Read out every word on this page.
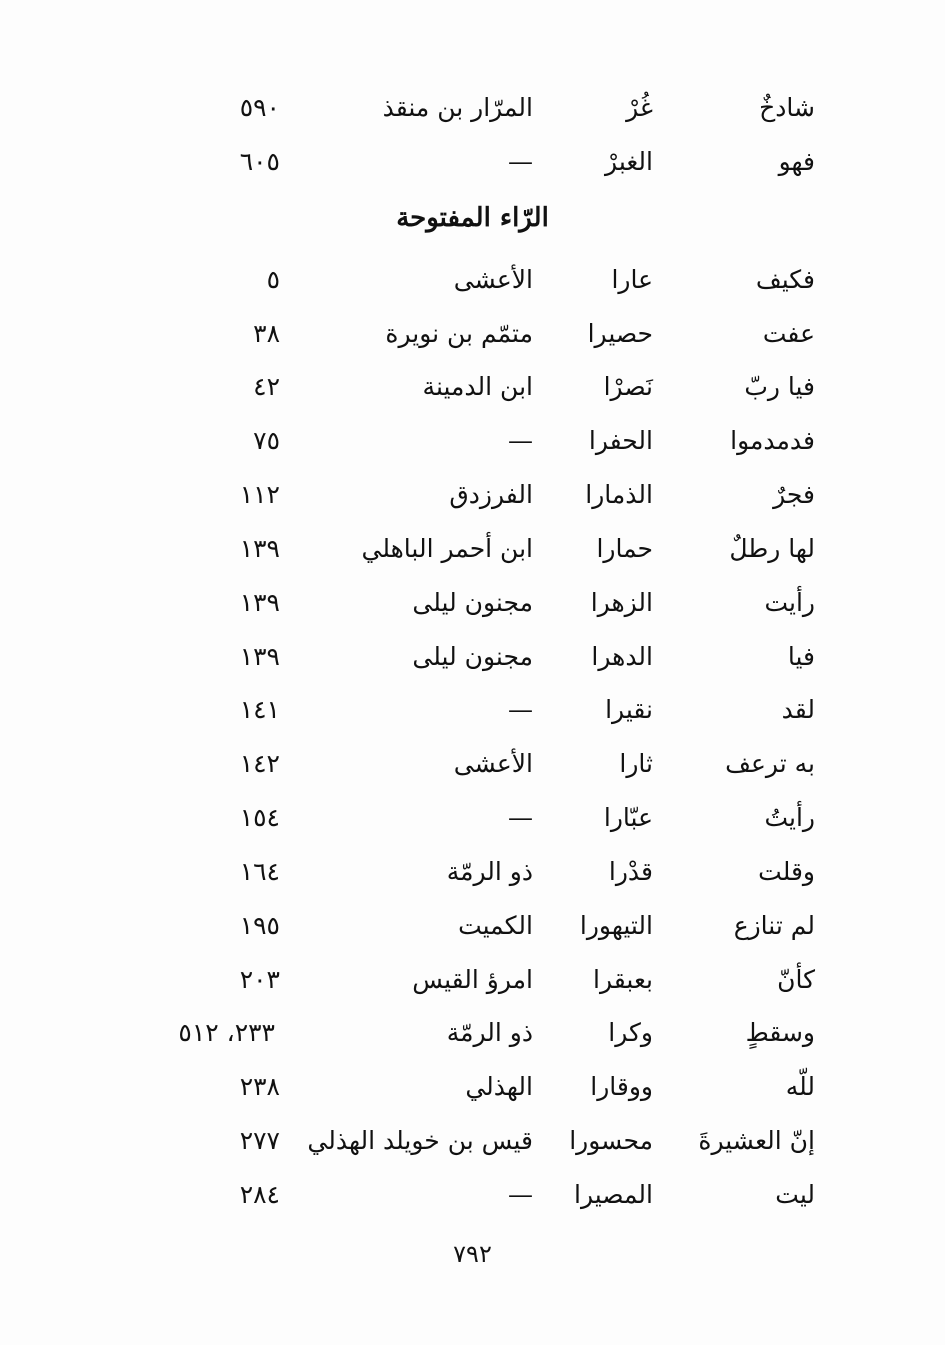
شادخٌ
غُرْ
المرّار بن منقذ
٥٩٠
فهو
الغبرْ
—
٦٠٥
الرّاء المفتوحة
فكيف
عارا
الأعشى
٥
عفت
حصيرا
متمّم بن نويرة
٣٨
فيا ربّ
نَصرْا
ابن الدمينة
٤٢
فدمدموا
الحفرا
—
٧٥
فجرٌ
الذمارا
الفرزدق
١١٢
لها رطلٌ
حمارا
ابن أحمر الباهلي
١٣٩
رأيت
الزهرا
مجنون ليلى
١٣٩
فيا
الدهرا
مجنون ليلى
١٣٩
لقد
نقيرا
—
١٤١
به ترعف
ثارا
الأعشى
١٤٢
رأيتُ
عبّارا
—
١٥٤
وقلت
قدْرا
ذو الرمّة
١٦٤
لم تنازع
التيهورا
الكميت
١٩٥
كأنّ
بعبقرا
امرؤ القيس
٢٠٣
وسقطٍ
وكرا
ذو الرمّة
٢٣٣، ٥١٢
للّه
ووقارا
الهذلي
٢٣٨
إنّ العشيرةَ
محسورا
قيس بن خويلد الهذلي
٢٧٧
ليت
المصيرا
—
٢٨٤
٧٩٢
